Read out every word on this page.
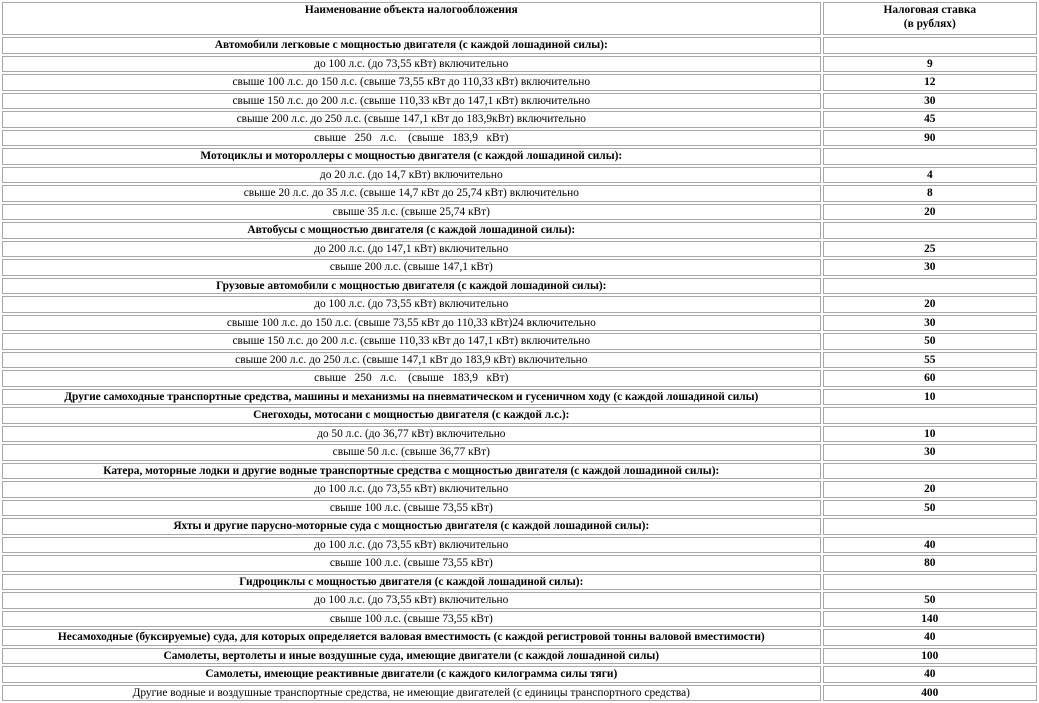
Наименование объекта налогообложения	Налоговая ставка
(в рублях)
Автомобили легковые с мощностью двигателя (с каждой лошадиной силы):	
до 100 л.с. (до 73,55 кВт) включительно	9
свыше 100 л.с. до 150 л.с. (свыше 73,55 кВт до 110,33 кВт) включительно	12
свыше 150 л.с. до 200 л.с. (свыше 110,33 кВт до 147,1 кВт) включительно	30
свыше 200 л.с. до 250 л.с. (свыше 147,1 кВт до 183,9кВт) включительно	45
свыше   250   л.с.    (свыше   183,9   кВт)	90
Мотоциклы и мотороллеры с мощностью двигателя (с каждой лошадиной силы):	
до 20 л.с. (до 14,7 кВт) включительно	4
свыше 20 л.с. до 35 л.с. (свыше 14,7 кВт до 25,74 кВт) включительно	8
свыше 35 л.с. (свыше 25,74 кВт)	20
Автобусы с мощностью двигателя (с каждой лошадиной силы):	
до 200 л.с. (до 147,1 кВт) включительно	25
свыше 200 л.с. (свыше 147,1 кВт)	30
Грузовые автомобили с мощностью двигателя (с каждой лошадиной силы):	
до 100 л.с. (до 73,55 кВт) включительно	20
свыше 100 л.с. до 150 л.с. (свыше 73,55 кВт до 110,33 кВт)24 включительно	30
свыше 150 л.с. до 200 л.с. (свыше 110,33 кВт до 147,1 кВт) включительно	50
свыше 200 л.с. до 250 л.с. (свыше 147,1 кВт до 183,9 кВт) включительно	55
свыше   250   л.с.    (свыше   183,9   кВт)	60
Другие самоходные транспортные средства, машины и механизмы на пневматическом и гусеничном ходу (с каждой лошадиной силы)	10
Снегоходы, мотосани с мощностью двигателя (с каждой л.с.):	
до 50 л.с. (до 36,77 кВт) включительно	10
свыше 50 л.с. (свыше 36,77 кВт)	30
Катера, моторные лодки и другие водные транспортные средства с мощностью двигателя (с каждой лошадиной силы):	
до 100 л.с. (до 73,55 кВт) включительно	20
свыше 100 л.с. (свыше 73,55 кВт)	50
Яхты и другие парусно-моторные суда с мощностью двигателя (с каждой лошадиной силы):	
до 100 л.с. (до 73,55 кВт) включительно	40
свыше 100 л.с. (свыше 73,55 кВт)	80
Гидроциклы с мощностью двигателя (с каждой лошадиной силы):	
до 100 л.с. (до 73,55 кВт) включительно	50
свыше 100 л.с. (свыше 73,55 кВт)	140
Несамоходные (буксируемые) суда, для которых определяется валовая вместимость (с каждой регистровой тонны валовой вместимости)	40
Самолеты, вертолеты и иные воздушные суда, имеющие двигатели (с каждой лошадиной силы)	100
Самолеты, имеющие реактивные двигатели (с каждого килограмма силы тяги)	40
Другие водные и воздушные транспортные средства, не имеющие двигателей (с единицы транспортного средства)	400
